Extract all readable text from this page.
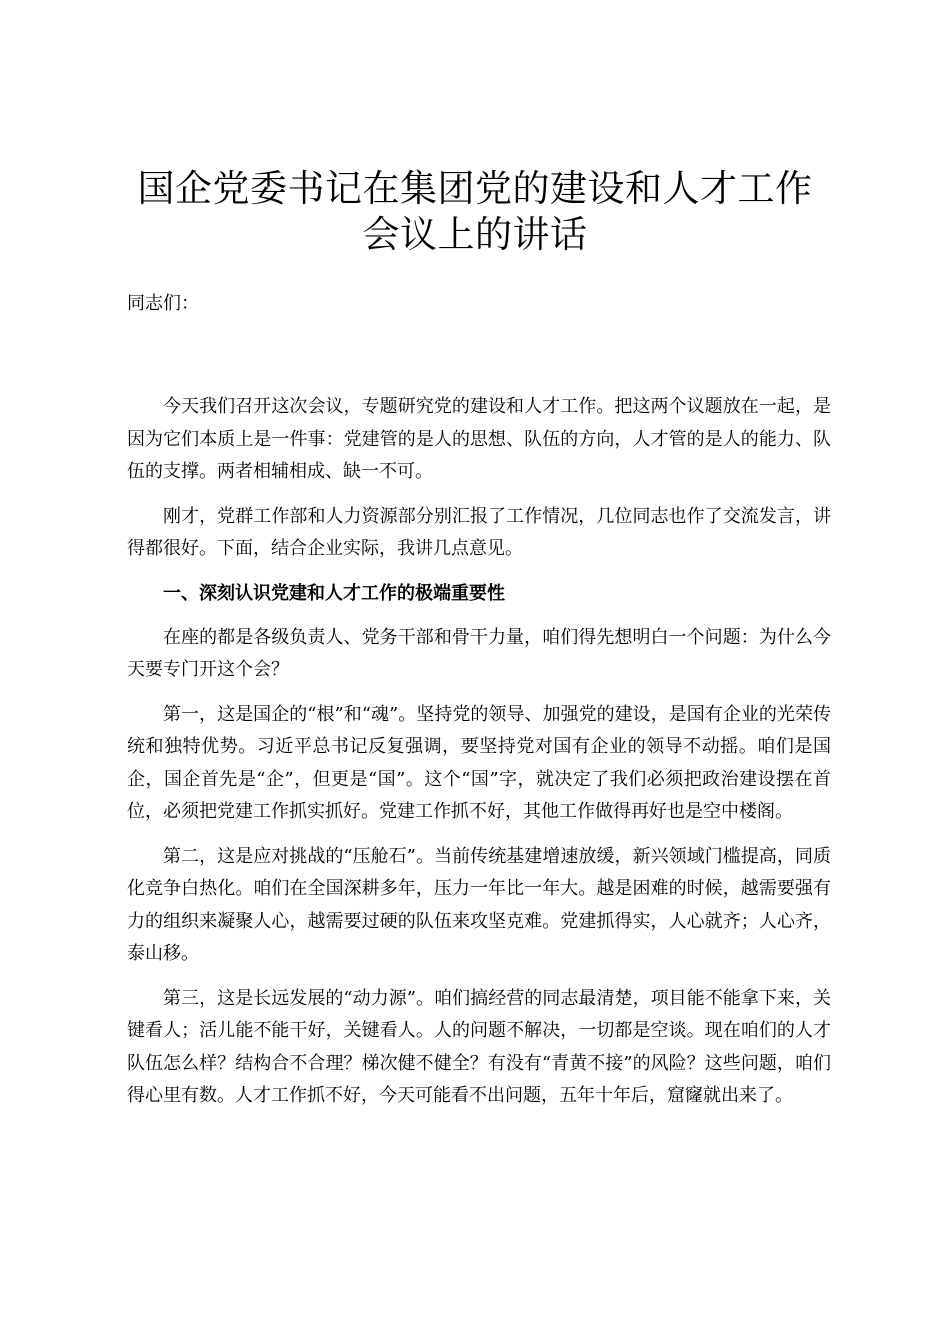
国企党委书记在集团党的建设和人才工作会议上的讲话

同志们：

今天我们召开这次会议，专题研究党的建设和人才工作。把这两个议题放在一起，是因为它们本质上是一件事：党建管的是人的思想、队伍的方向，人才管的是人的能力、队伍的支撑。两者相辅相成、缺一不可。

刚才，党群工作部和人力资源部分别汇报了工作情况，几位同志也作了交流发言，讲得都很好。下面，结合企业实际，我讲几点意见。

一、深刻认识党建和人才工作的极端重要性

在座的都是各级负责人、党务干部和骨干力量，咱们得先想明白一个问题：为什么今天要专门开这个会？

第一，这是国企的“根”和“魂”。坚持党的领导、加强党的建设，是国有企业的光荣传统和独特优势。习近平总书记反复强调，要坚持党对国有企业的领导不动摇。咱们是国企，国企首先是“企”，但更是“国”。这个“国”字，就决定了我们必须把政治建设摆在首位，必须把党建工作抓实抓好。党建工作抓不好，其他工作做得再好也是空中楼阁。

第二，这是应对挑战的“压舱石”。当前传统基建增速放缓，新兴领域门槛提高，同质化竞争白热化。咱们在全国深耕多年，压力一年比一年大。越是困难的时候，越需要强有力的组织来凝聚人心，越需要过硬的队伍来攻坚克难。党建抓得实，人心就齐；人心齐，泰山移。

第三，这是长远发展的“动力源”。咱们搞经营的同志最清楚，项目能不能拿下来，关键看人；活儿能不能干好，关键看人。人的问题不解决，一切都是空谈。现在咱们的人才队伍怎么样？结构合不合理？梯次健不健全？有没有“青黄不接”的风险？这些问题，咱们得心里有数。人才工作抓不好，今天可能看不出问题，五年十年后，窟窿就出来了。
